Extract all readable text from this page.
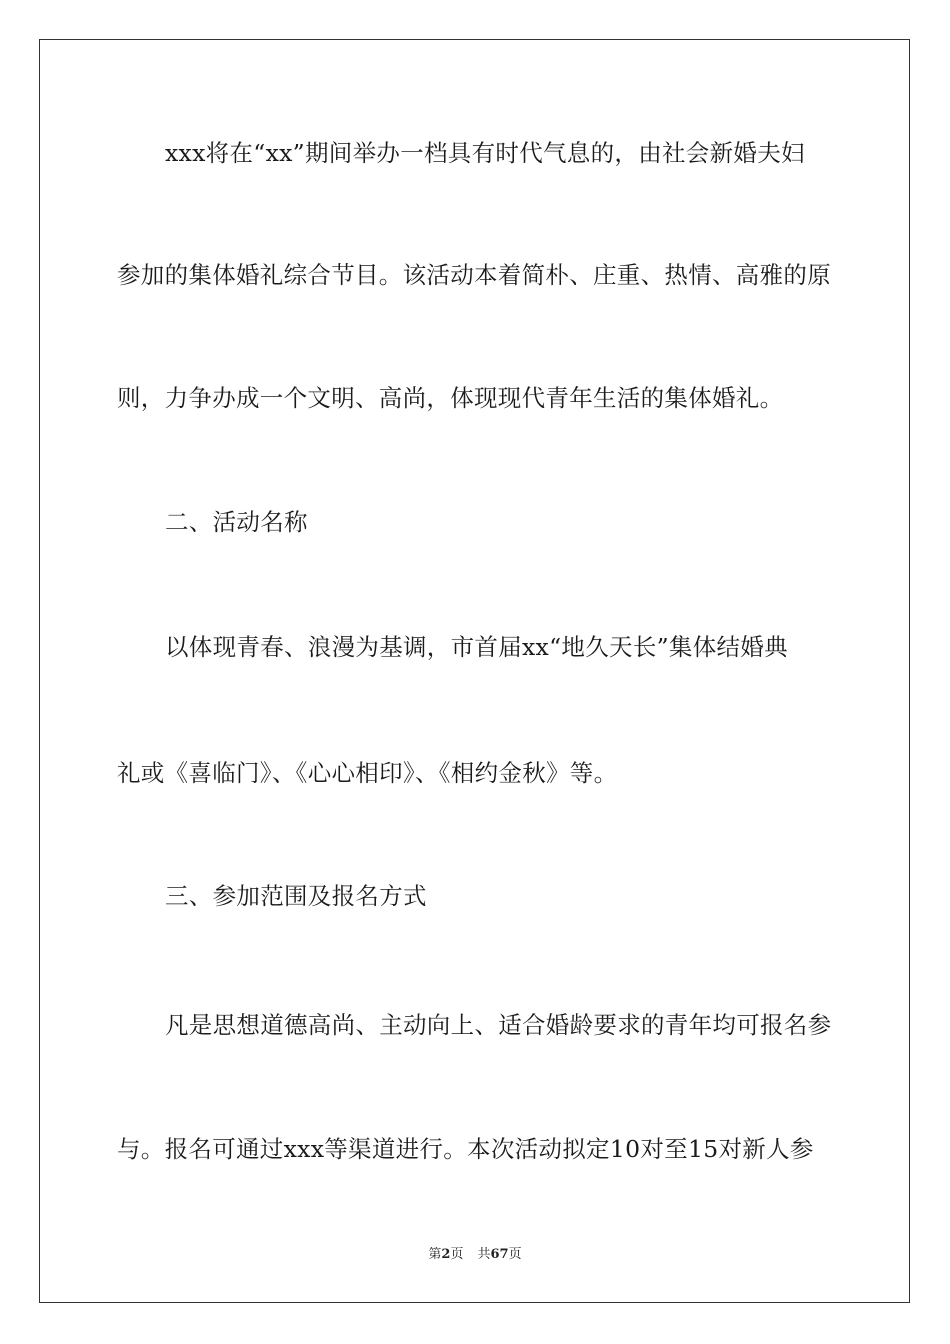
xxx将在“xx”期间举办一档具有时代气息的，由社会新婚夫妇
参加的集体婚礼综合节目。该活动本着简朴、庄重、热情、高雅的原
则，力争办成一个文明、高尚，体现现代青年生活的集体婚礼。
二、活动名称
以体现青春、浪漫为基调，市首届xx“地久天长”集体结婚典
礼或《喜临门》、《心心相印》、《相约金秋》等。
三、参加范围及报名方式
凡是思想道德高尚、主动向上、适合婚龄要求的青年均可报名参
与。报名可通过xxx等渠道进行。本次活动拟定10对至15对新人参
第2页 共67页
